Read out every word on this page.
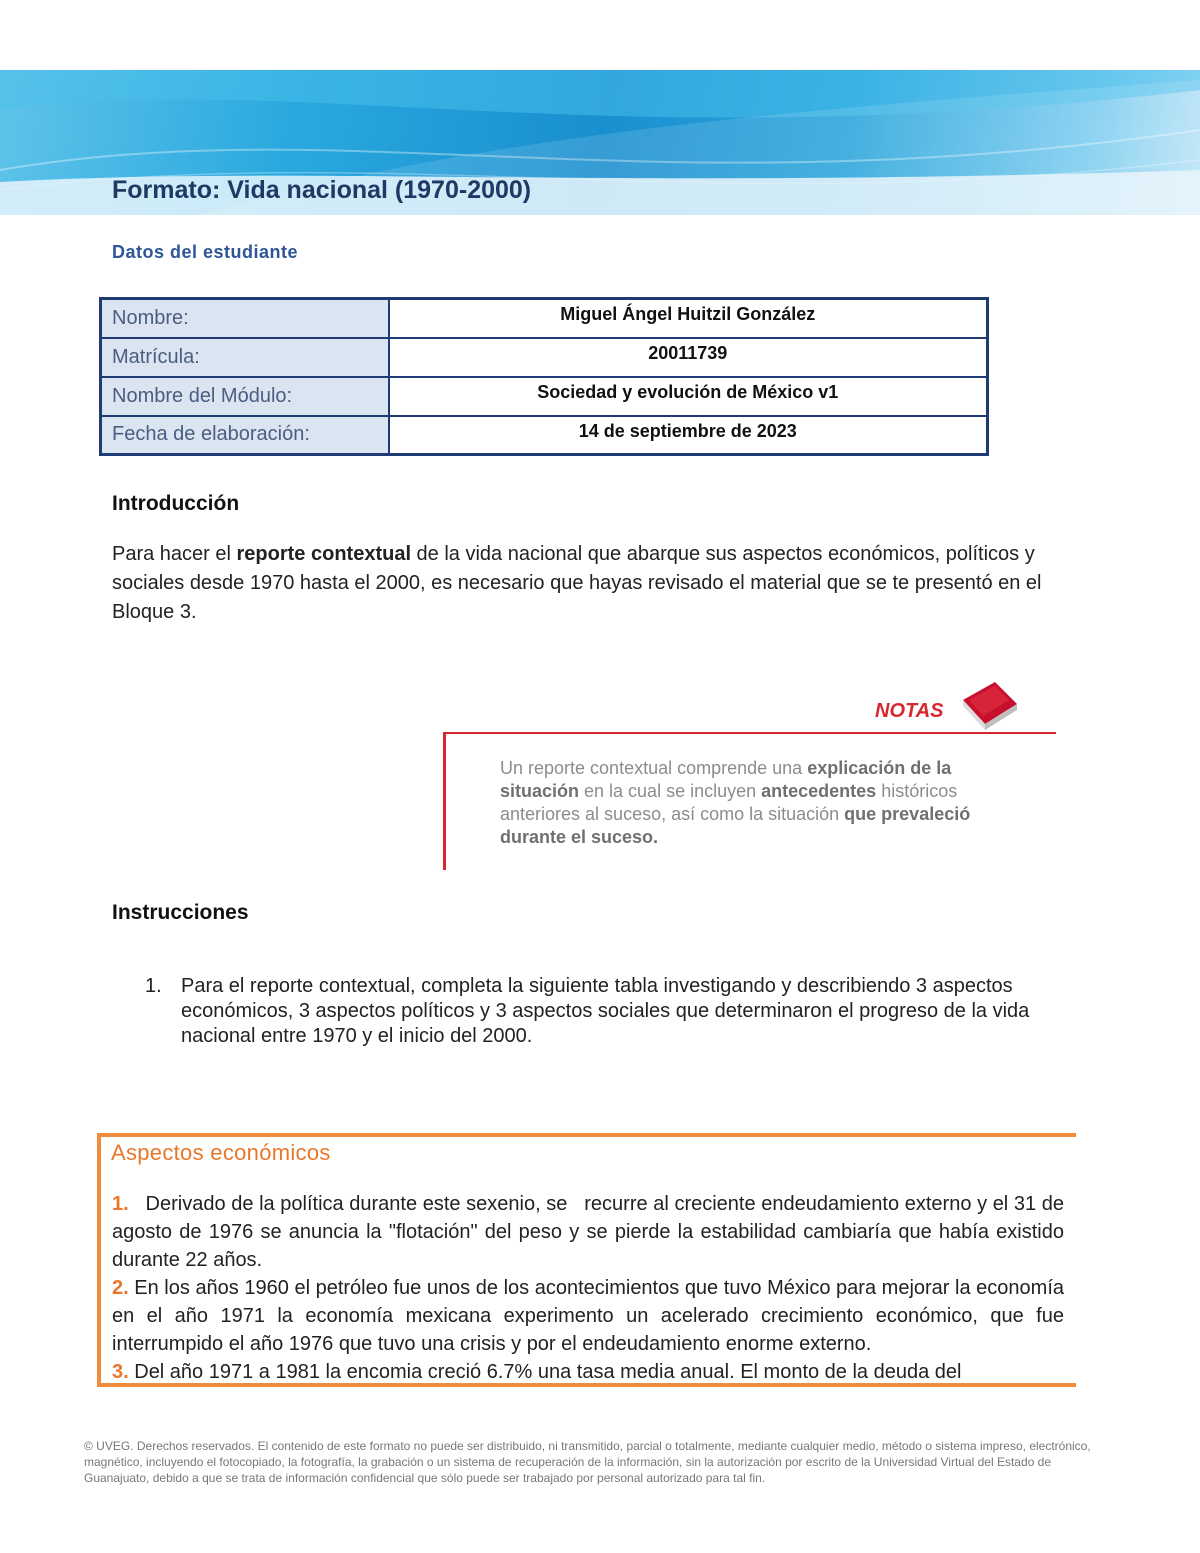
Formato: Vida nacional (1970-2000)
Datos del estudiante
Nombre:	Miguel Ángel Huitzil González
Matrícula:	20011739
Nombre del Módulo:	Sociedad y evolución de México v1
Fecha de elaboración:	14 de septiembre de 2023
Introducción

Para hacer el reporte contextual de la vida nacional que abarque sus aspectos económicos, políticos y sociales desde 1970 hasta el 2000, es necesario que hayas revisado el material que se te presentó en el Bloque 3.

NOTAS

Un reporte contextual comprende una explicación de la situación en la cual se incluyen antecedentes históricos anteriores al suceso, así como la situación que prevaleció durante el suceso.

Instrucciones
1. Para el reporte contextual, completa la siguiente tabla investigando y describiendo 3 aspectos económicos, 3 aspectos políticos y 3 aspectos sociales que determinaron el progreso de la vida nacional entre 1970 y el inicio del 2000.
Aspectos económicos
1.   Derivado de la política durante este sexenio, se   recurre al creciente endeudamiento externo y el 31 de agosto de 1976 se anuncia la "flotación" del peso y se pierde la estabilidad cambiaría que había existido durante 22 años.
2. En los años 1960 el petróleo fue unos de los acontecimientos que tuvo México para mejorar la economía en el año 1971 la economía mexicana experimento un acelerado crecimiento económico, que fue interrumpido el año 1976 que tuvo una crisis y por el endeudamiento enorme externo.
3. Del año 1971 a 1981 la encomia creció 6.7% una tasa media anual. El monto de la deuda del

© UVEG. Derechos reservados. El contenido de este formato no puede ser distribuido, ni transmitido, parcial o totalmente, mediante cualquier medio, método o sistema impreso, electrónico, magnético, incluyendo el fotocopiado, la fotografía, la grabación o un sistema de recuperación de la información, sin la autorización por escrito de la Universidad Virtual del Estado de Guanajuato, debido a que se trata de información confidencial que sólo puede ser trabajado por personal autorizado para tal fin.
